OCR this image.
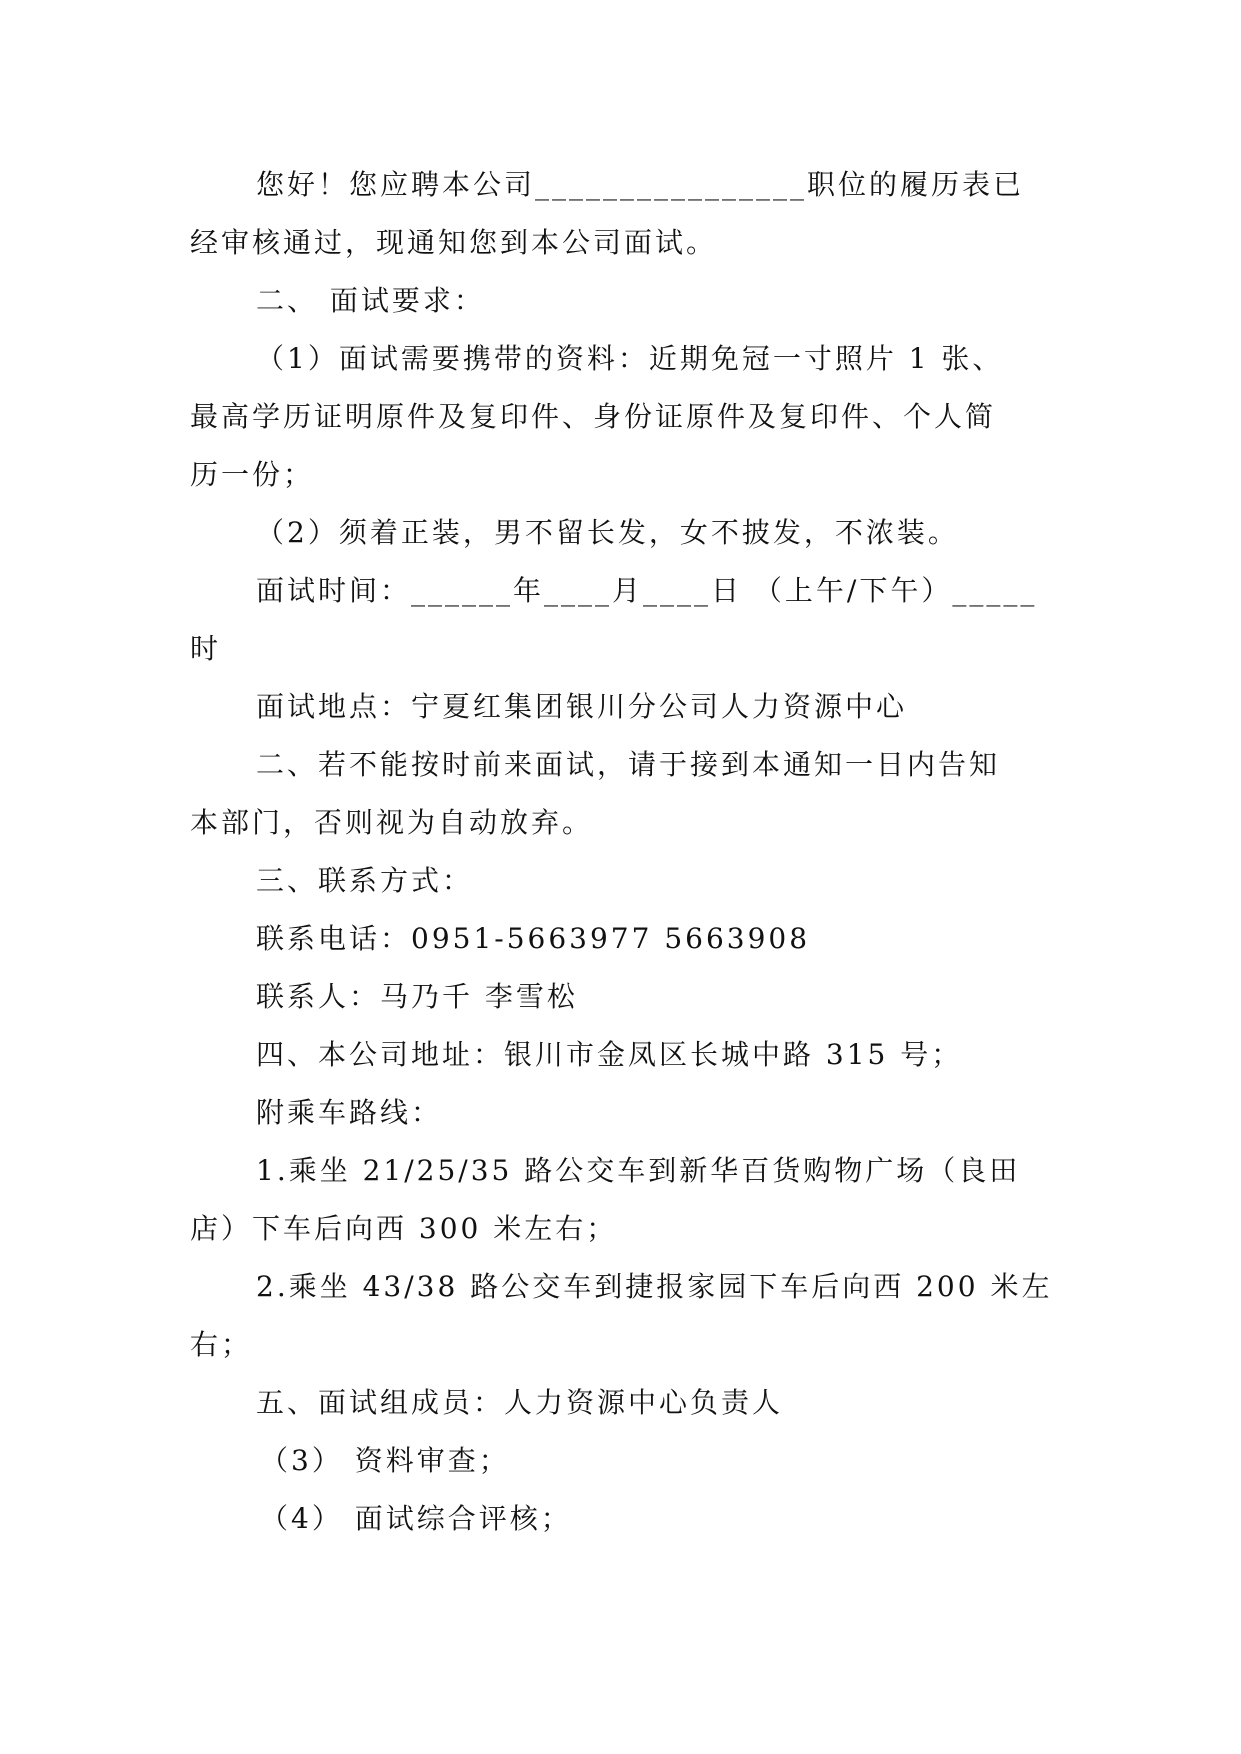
您好！您应聘本公司________________职位的履历表已

经审核通过，现通知您到本公司面试。

二、 面试要求：

（1）面试需要携带的资料：近期免冠一寸照片 1 张、

最高学历证明原件及复印件、身份证原件及复印件、个人简

历一份；

（2）须着正装，男不留长发，女不披发，不浓装。

面试时间：______年____月____日 （上午/下午）_____

时

面试地点：宁夏红集团银川分公司人力资源中心

二、若不能按时前来面试，请于接到本通知一日内告知

本部门，否则视为自动放弃。

三、联系方式：

联系电话：0951-5663977 5663908

联系人：马乃千 李雪松

四、本公司地址：银川市金凤区长城中路 315 号；

附乘车路线：

1.乘坐 21/25/35 路公交车到新华百货购物广场（良田

店）下车后向西 300 米左右；

2.乘坐 43/38 路公交车到捷报家园下车后向西 200 米左

右；

五、面试组成员：人力资源中心负责人

（3） 资料审查；

（4） 面试综合评核；
